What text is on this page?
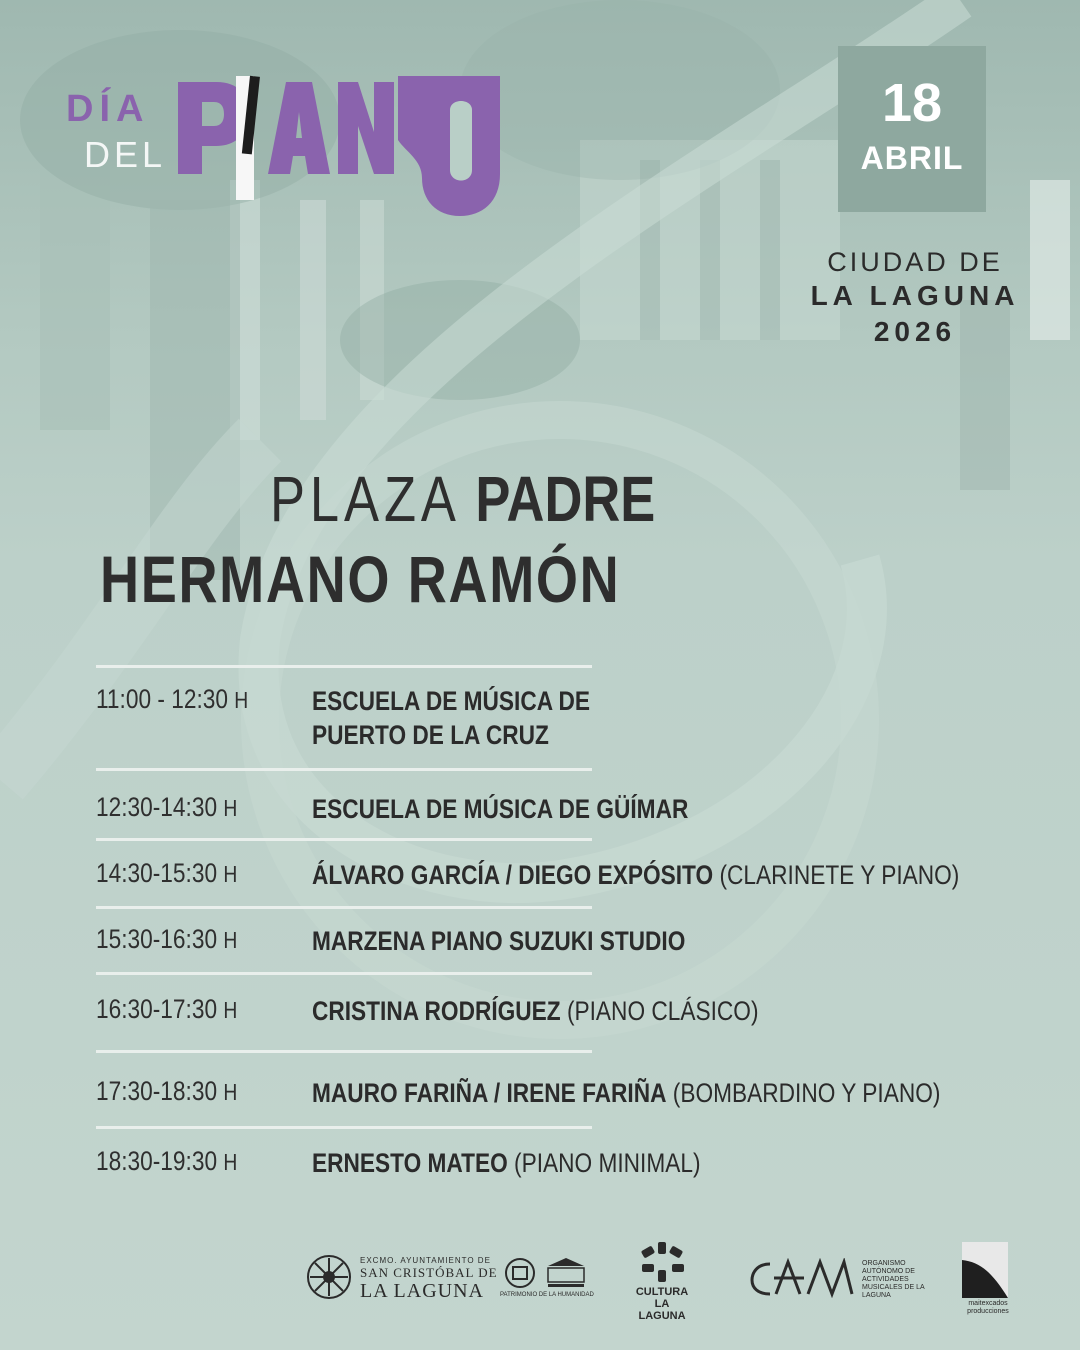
DÍA
DEL
18
ABRIL
CIUDAD DE
LA LAGUNA
2026
PLAZA PADRE
HERMANO RAMÓN
11:00 - 12:30 H ESCUELA DE MÚSICA DE
PUERTO DE LA CRUZ
12:30-14:30 H	ESCUELA DE MÚSICA DE GÜÍMAR
14:30-15:30 H	ÁLVARO GARCÍA / DIEGO EXPÓSITO (CLARINETE Y PIANO)
15:30-16:30 H	MARZENA PIANO SUZUKI STUDIO
16:30-17:30 H	CRISTINA RODRÍGUEZ (PIANO CLÁSICO)
17:30-18:30 H	MAURO FARIÑA / IRENE FARIÑA (BOMBARDINO Y PIANO)
18:30-19:30 H	ERNESTO MATEO (PIANO MINIMAL)
EXCMO. AYUNTAMIENTO DE
SAN CRISTÓBAL DE
LA LAGUNA	PATRIMONIO DE LA HUMANIDAD	CULTURA
LA LAGUNA
ORGANISMO AUTÓNOMO DE ACTIVIDADES MUSICALES DE LA LAGUNA
maitexcados producciones
